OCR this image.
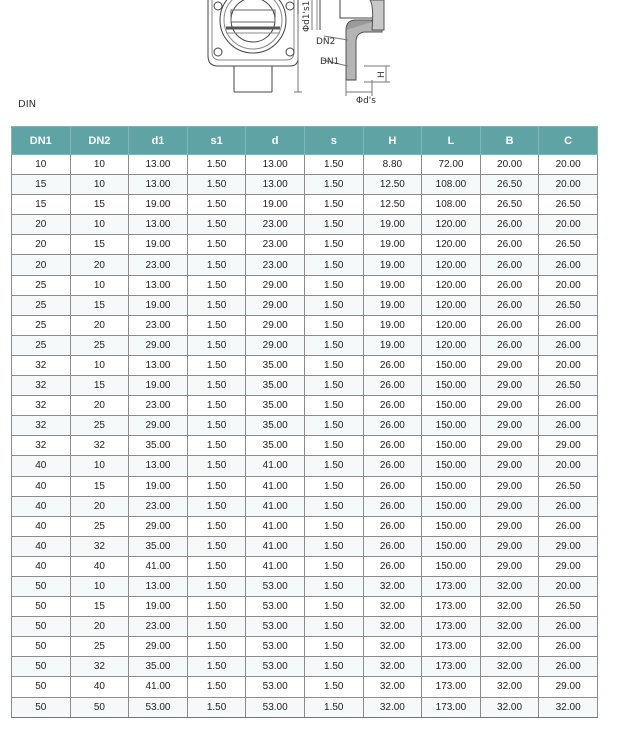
Φd1's1
DN2
DN1
Φd's
H
DIN
DN1	DN2	d1	s1	d	s	H	L	B	C
10	10	13.00	1.50	13.00	1.50	8.80	72.00	20.00	20.00
15	10	13.00	1.50	13.00	1.50	12.50	108.00	26.50	20.00
15	15	19.00	1.50	19.00	1.50	12.50	108.00	26.50	26.50
20	10	13.00	1.50	23.00	1.50	19.00	120.00	26.00	20.00
20	15	19.00	1.50	23.00	1.50	19.00	120.00	26.00	26.50
20	20	23.00	1.50	23.00	1.50	19.00	120.00	26.00	26.00
25	10	13.00	1.50	29.00	1.50	19.00	120.00	26.00	20.00
25	15	19.00	1.50	29.00	1.50	19.00	120.00	26.00	26.50
25	20	23.00	1.50	29.00	1.50	19.00	120.00	26.00	26.00
25	25	29.00	1.50	29.00	1.50	19.00	120.00	26.00	26.00
32	10	13.00	1.50	35.00	1.50	26.00	150.00	29.00	20.00
32	15	19.00	1.50	35.00	1.50	26.00	150.00	29.00	26.50
32	20	23.00	1.50	35.00	1.50	26.00	150.00	29.00	26.00
32	25	29.00	1.50	35.00	1.50	26.00	150.00	29.00	26.00
32	32	35.00	1.50	35.00	1.50	26.00	150.00	29.00	29.00
40	10	13.00	1.50	41.00	1.50	26.00	150.00	29.00	20.00
40	15	19.00	1.50	41.00	1.50	26.00	150.00	29.00	26.50
40	20	23.00	1.50	41.00	1.50	26.00	150.00	29.00	26.00
40	25	29.00	1.50	41.00	1.50	26.00	150.00	29.00	26.00
40	32	35.00	1.50	41.00	1.50	26.00	150.00	29.00	29.00
40	40	41.00	1.50	41.00	1.50	26.00	150.00	29.00	29.00
50	10	13.00	1.50	53.00	1.50	32.00	173.00	32.00	20.00
50	15	19.00	1.50	53.00	1.50	32.00	173.00	32.00	26.50
50	20	23.00	1.50	53.00	1.50	32.00	173.00	32.00	26.00
50	25	29.00	1.50	53.00	1.50	32.00	173.00	32.00	26.00
50	32	35.00	1.50	53.00	1.50	32.00	173.00	32.00	26.00
50	40	41.00	1.50	53.00	1.50	32.00	173.00	32.00	29.00
50	50	53.00	1.50	53.00	1.50	32.00	173.00	32.00	32.00
